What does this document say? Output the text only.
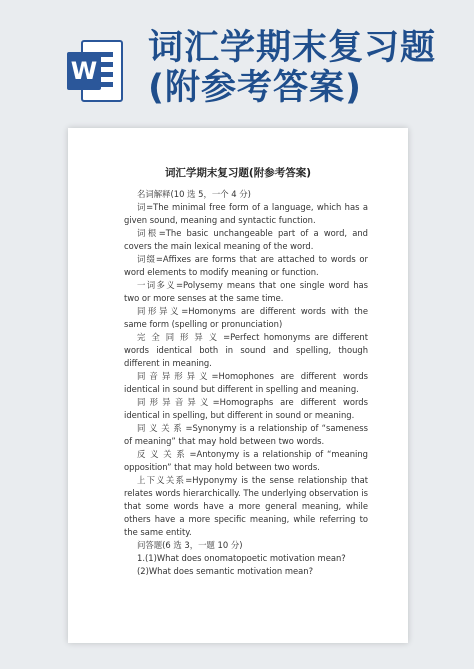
W
词汇学期末复习题
(附参考答案)
词汇学期末复习题(附参考答案)

名词解释(10 选 5，一个 4 分)

词=The minimal free form of a language, which has a given sound, meaning and syntactic function.

词根=The basic unchangeable part of a word, and covers the main lexical meaning of the word.

词缀=Affixes are forms that are attached to words or word elements to modify meaning or function.

一词多义=Polysemy means that one single word has two or more senses at the same time.

同形异义=Homonyms are different words with the same form (spelling or pronunciation)

完 全 同 形 异 义 =Perfect homonyms are different words identical both in sound and spelling, though different in meaning.

同音异形异义=Homophones are different words identical in sound but different in spelling and meaning.

同形异音异义=Homographs are different words identical in spelling, but different in sound or meaning.

同 义 关 系 =Synonymy is a relationship of “sameness of meaning” that may hold between two words.

反 义 关 系 =Antonymy is a relationship of “meaning opposition” that may hold between two words.

上下义关系=Hyponymy is the sense relationship that relates words hierarchically. The underlying observation is that some words have a more general meaning, while others have a more specific meaning, while referring to the same entity.

问答题(6 选 3，一题 10 分)

1.(1)What does onomatopoetic motivation mean?

(2)What does semantic motivation mean?
